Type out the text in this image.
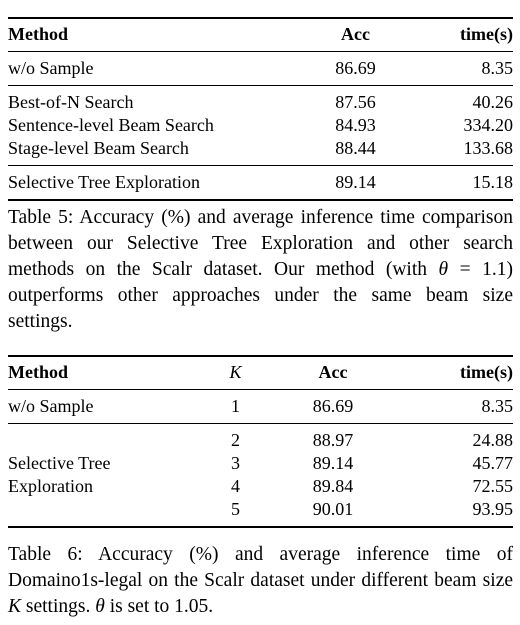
Method	Acc	time(s)
w/o Sample	86.69	8.35
Best-of-N Search	87.56	40.26
Sentence-level Beam Search	84.93	334.20
Stage-level Beam Search	88.44	133.68
Selective Tree Exploration	89.14	15.18

Table 5: Accuracy (%) and average inference time comparison between our Selective Tree Exploration and other search methods on the Scalr dataset. Our method (with θ = 1.1) outperforms other approaches under the same beam size settings.

Method	K	Acc	time(s)
w/o Sample	1	86.69	8.35
	2	88.97	24.88
Selective Tree	3	89.14	45.77
Exploration	4	89.84	72.55
	5	90.01	93.95

Table 6: Accuracy (%) and average inference time of Domaino1s-legal on the Scalr dataset under different beam size K settings. θ is set to 1.05.
